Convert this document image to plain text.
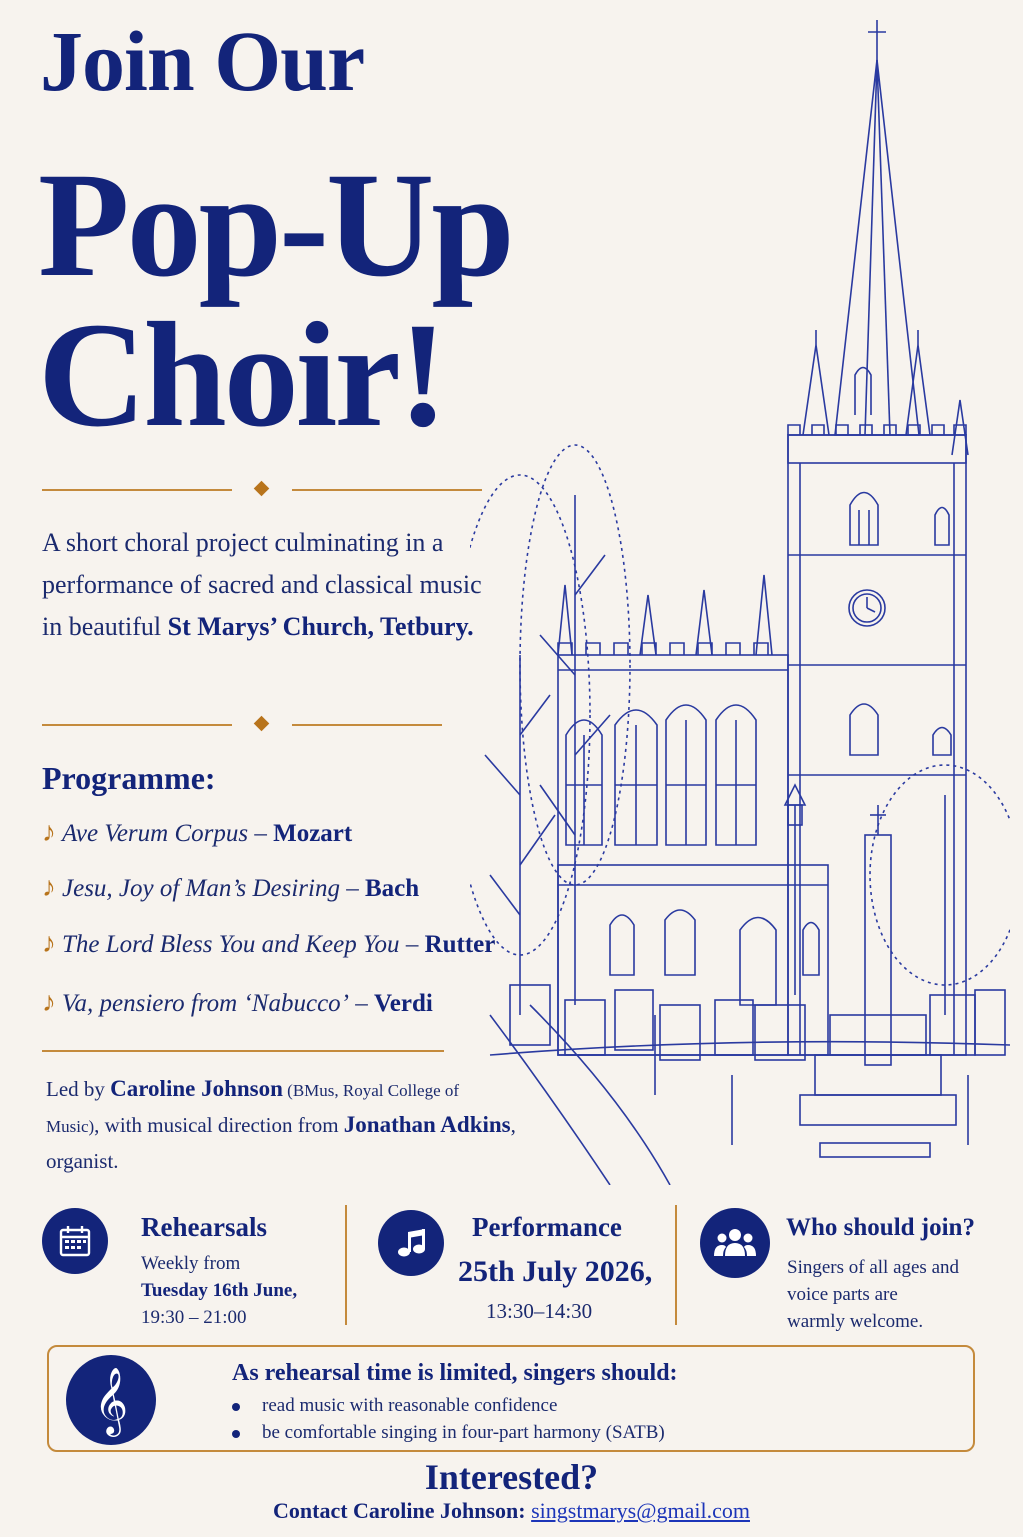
Join Our
Pop-Up
Choir!
A short choral project culminating in a performance of sacred and classical music in beautiful St Marys’ Church, Tetbury.
Programme:
♪ Ave Verum Corpus – Mozart
♪ Jesu, Joy of Man’s Desiring – Bach
♪ The Lord Bless You and Keep You – Rutter
♪ Va, pensiero from ‘Nabucco’ – Verdi
Led by Caroline Johnson (BMus, Royal College of Music), with musical direction from Jonathan Adkins, organist.
Rehearsals
Weekly from
Tuesday 16th June,
19:30 – 21:00
Performance
25th July 2026,
13:30–14:30
Who should join?
Singers of all ages and
voice parts are
warmly welcome.
𝄞	As rehearsal time is limited, singers should:
read music with reasonable confidence
be comfortable singing in four-part harmony (SATB)
Interested?
Contact Caroline Johnson: singstmarys@gmail.com
